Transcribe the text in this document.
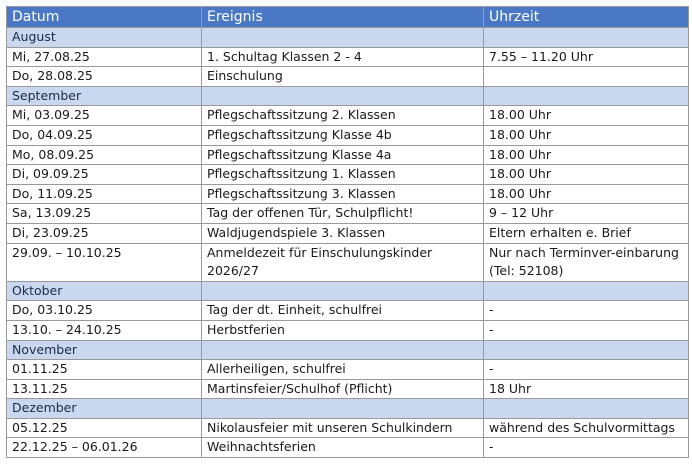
Datum	Ereignis	Uhrzeit
August		
Mi, 27.08.25	1. Schultag Klassen 2 - 4	7.55 – 11.20 Uhr
Do, 28.08.25	Einschulung	
September		
Mi, 03.09.25	Pflegschaftssitzung 2. Klassen	18.00 Uhr
Do, 04.09.25	Pflegschaftssitzung Klasse 4b	18.00 Uhr
Mo, 08.09.25	Pflegschaftssitzung Klasse 4a	18.00 Uhr
Di, 09.09.25	Pflegschaftssitzung 1. Klassen	18.00 Uhr
Do, 11.09.25	Pflegschaftssitzung 3. Klassen	18.00 Uhr
Sa, 13.09.25	Tag der offenen Tür, Schulpflicht!	9 – 12 Uhr
Di, 23.09.25	Waldjugendspiele 3. Klassen	Eltern erhalten e. Brief
29.09. – 10.10.25	Anmeldezeit für Einschulungskinder 2026/27	Nur nach Terminver-einbarung (Tel: 52108)
Oktober		
Do, 03.10.25	Tag der dt. Einheit, schulfrei	-
13.10. – 24.10.25	Herbstferien	-
November		
01.11.25	Allerheiligen, schulfrei	-
13.11.25	Martinsfeier/Schulhof (Pflicht)	18 Uhr
Dezember		
05.12.25	Nikolausfeier mit unseren Schulkindern	während des Schulvormittags
22.12.25 – 06.01.26	Weihnachtsferien	-
